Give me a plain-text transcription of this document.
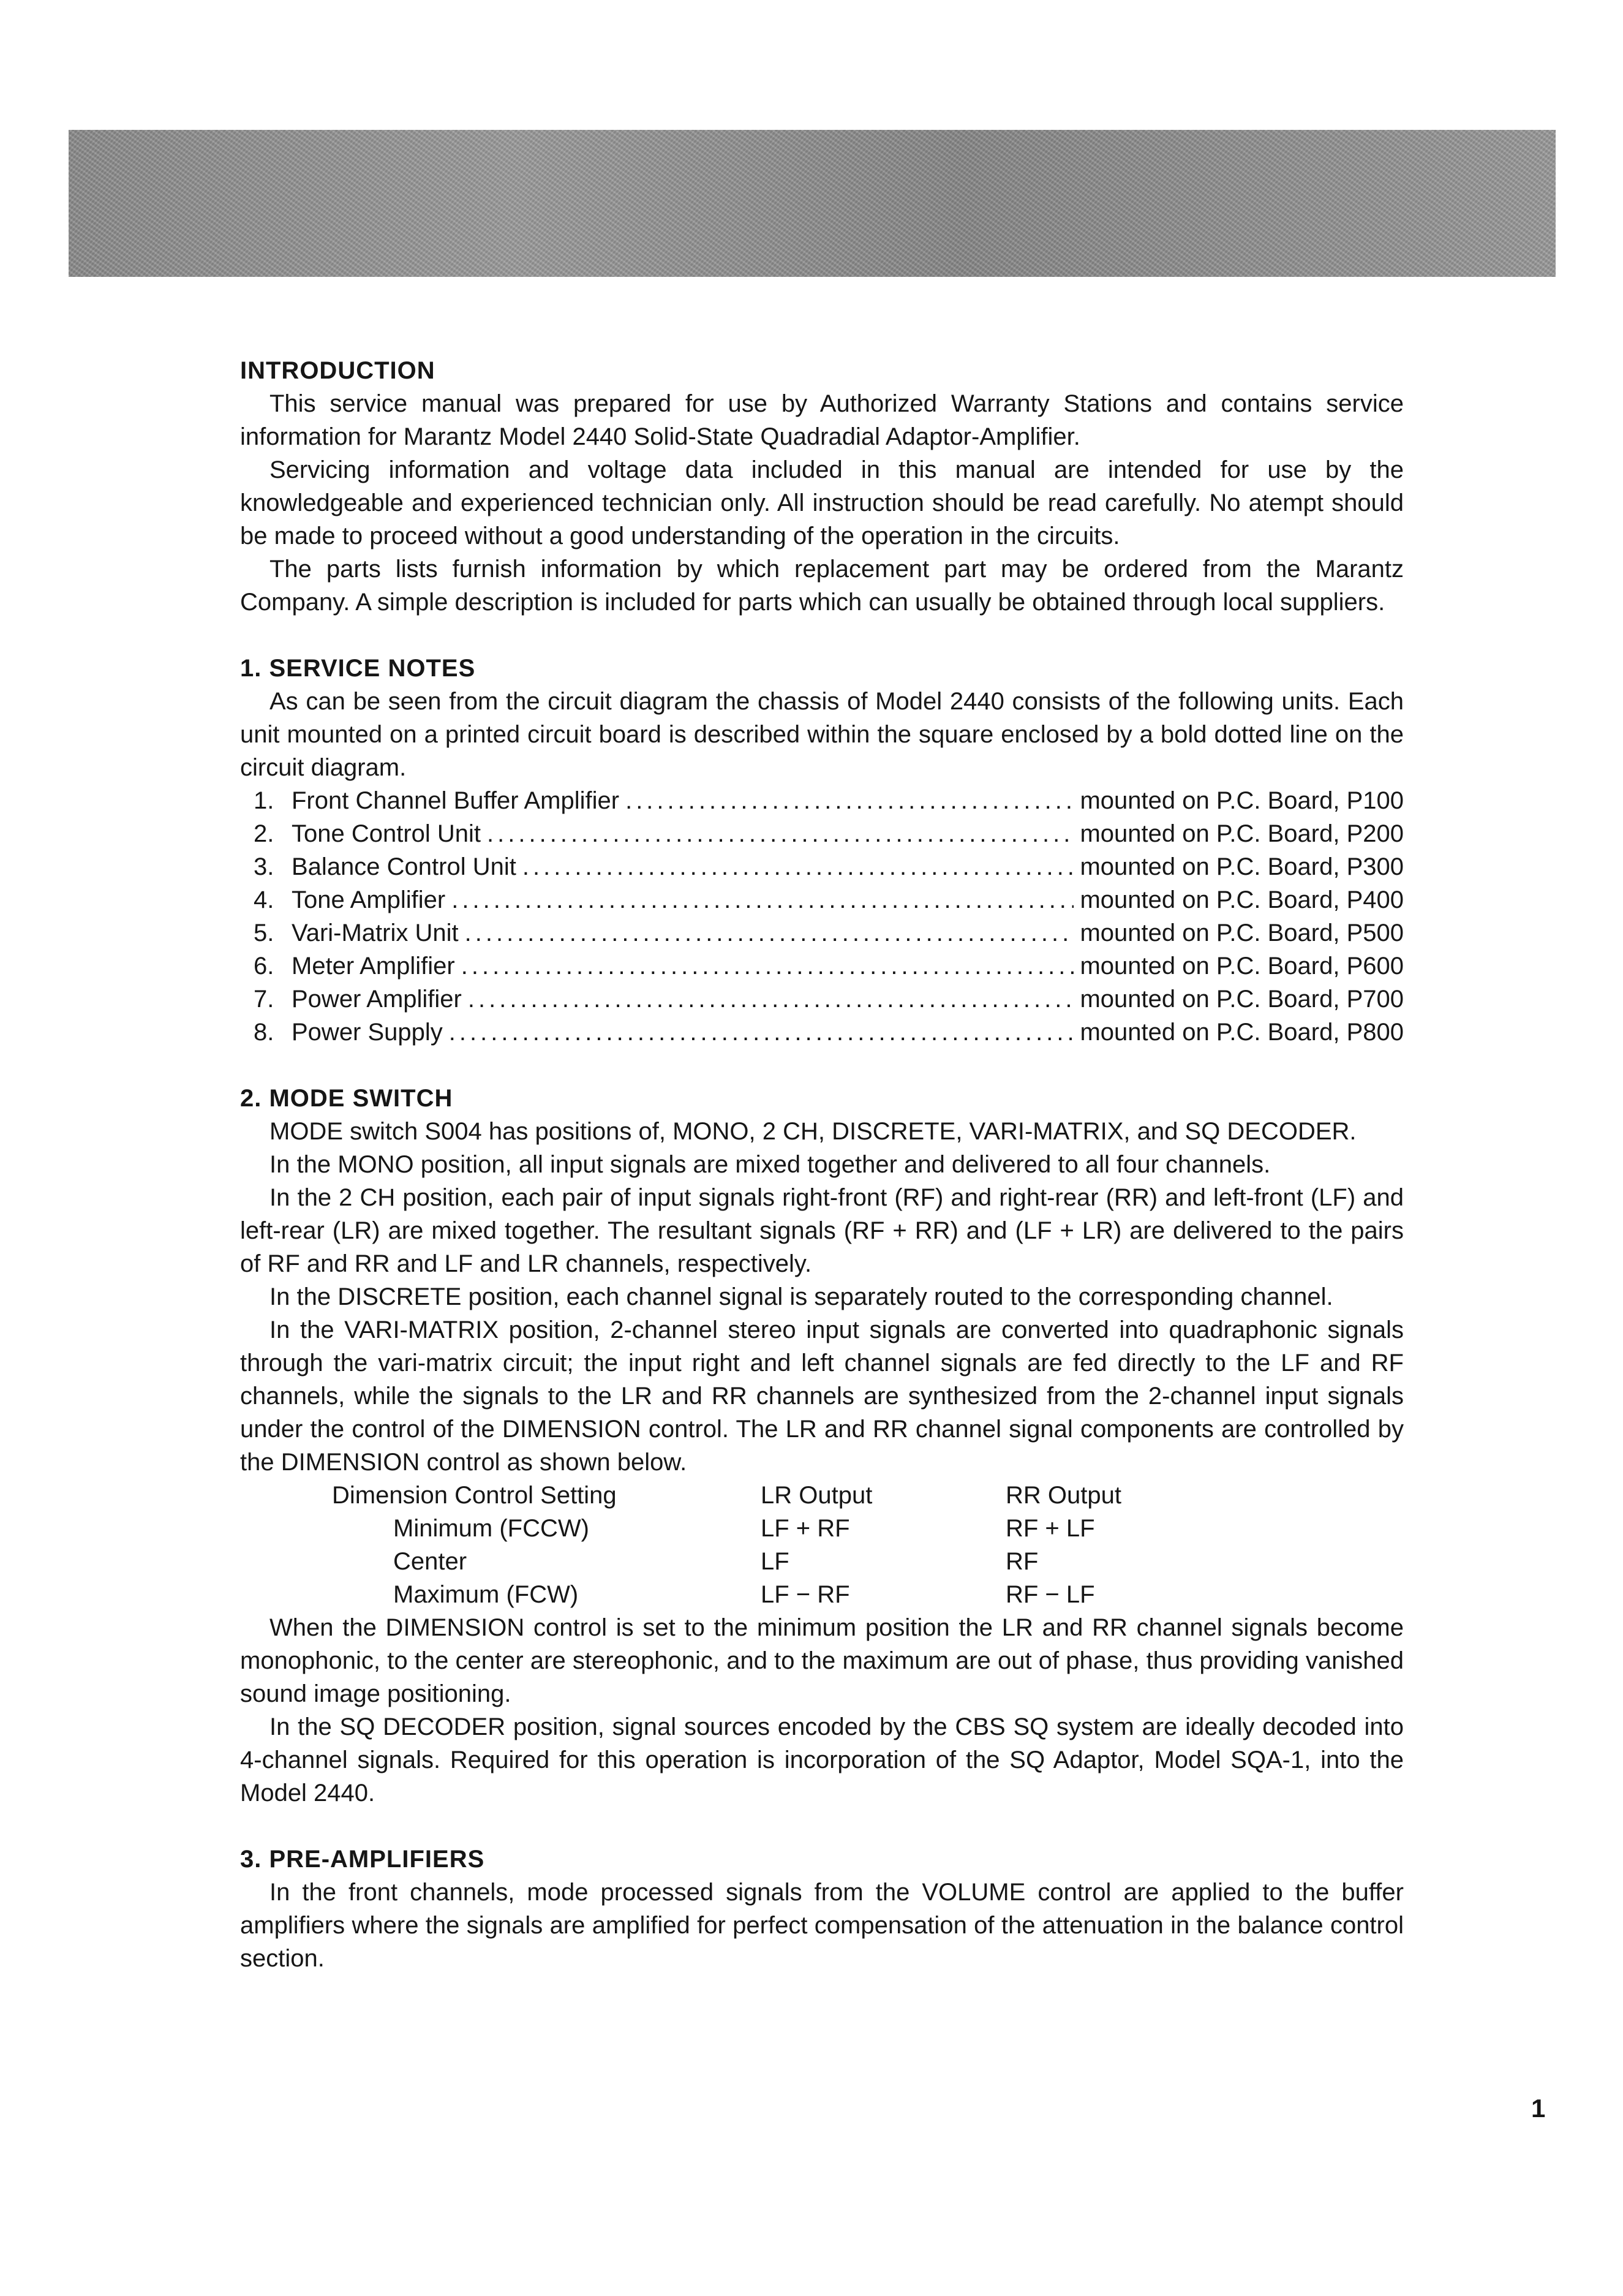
INTRODUCTION

This service manual was prepared for use by Authorized Warranty Stations and contains service information for Marantz Model 2440 Solid-State Quadradial Adaptor-Amplifier.

Servicing information and voltage data included in this manual are intended for use by the knowledgeable and experienced technician only. All instruction should be read carefully. No atempt should be made to proceed without a good understanding of the operation in the circuits.

The parts lists furnish information by which replacement part may be ordered from the Marantz Company. A simple description is included for parts which can usually be obtained through local suppliers.

1. SERVICE NOTES

As can be seen from the circuit diagram the chassis of Model 2440 consists of the following units. Each unit mounted on a printed circuit board is described within the square enclosed by a bold dotted line on the circuit diagram.

1. Front Channel Buffer Amplifier .....	mounted on P.C. Board, P100
2. Tone Control Unit .....	mounted on P.C. Board, P200
3. Balance Control Unit .....	mounted on P.C. Board, P300
4. Tone Amplifier .....	mounted on P.C. Board, P400
5. Vari-Matrix Unit .....	mounted on P.C. Board, P500
6. Meter Amplifier .....	mounted on P.C. Board, P600
7. Power Amplifier .....	mounted on P.C. Board, P700
8. Power Supply .....	mounted on P.C. Board, P800
2. MODE SWITCH

MODE switch S004 has positions of, MONO, 2 CH, DISCRETE, VARI-MATRIX, and SQ DECODER.

In the MONO position, all input signals are mixed together and delivered to all four channels.

In the 2 CH position, each pair of input signals right-front (RF) and right-rear (RR) and left-front (LF) and left-rear (LR) are mixed together. The resultant signals (RF + RR) and (LF + LR) are delivered to the pairs of RF and RR and LF and LR channels, respectively.

In the DISCRETE position, each channel signal is separately routed to the corresponding channel.

In the VARI-MATRIX position, 2-channel stereo input signals are converted into quadraphonic signals through the vari-matrix circuit; the input right and left channel signals are fed directly to the LF and RF channels, while the signals to the LR and RR channels are synthesized from the 2-channel input signals under the control of the DIMENSION control. The LR and RR channel signal components are controlled by the DIMENSION control as shown below.

Dimension Control Setting	LR Output	RR Output
Minimum (FCCW)	LF + RF	RF + LF
Center	LF	RF
Maximum (FCW)	LF − RF	RF − LF

When the DIMENSION control is set to the minimum position the LR and RR channel signals become monophonic, to the center are stereophonic, and to the maximum are out of phase, thus providing vanished sound image positioning.

In the SQ DECODER position, signal sources encoded by the CBS SQ system are ideally decoded into 4-channel signals. Required for this operation is incorporation of the SQ Adaptor, Model SQA-1, into the Model 2440.

3. PRE-AMPLIFIERS

In the front channels, mode processed signals from the VOLUME control are applied to the buffer amplifiers where the signals are amplified for perfect compensation of the attenuation in the balance control section.

1
